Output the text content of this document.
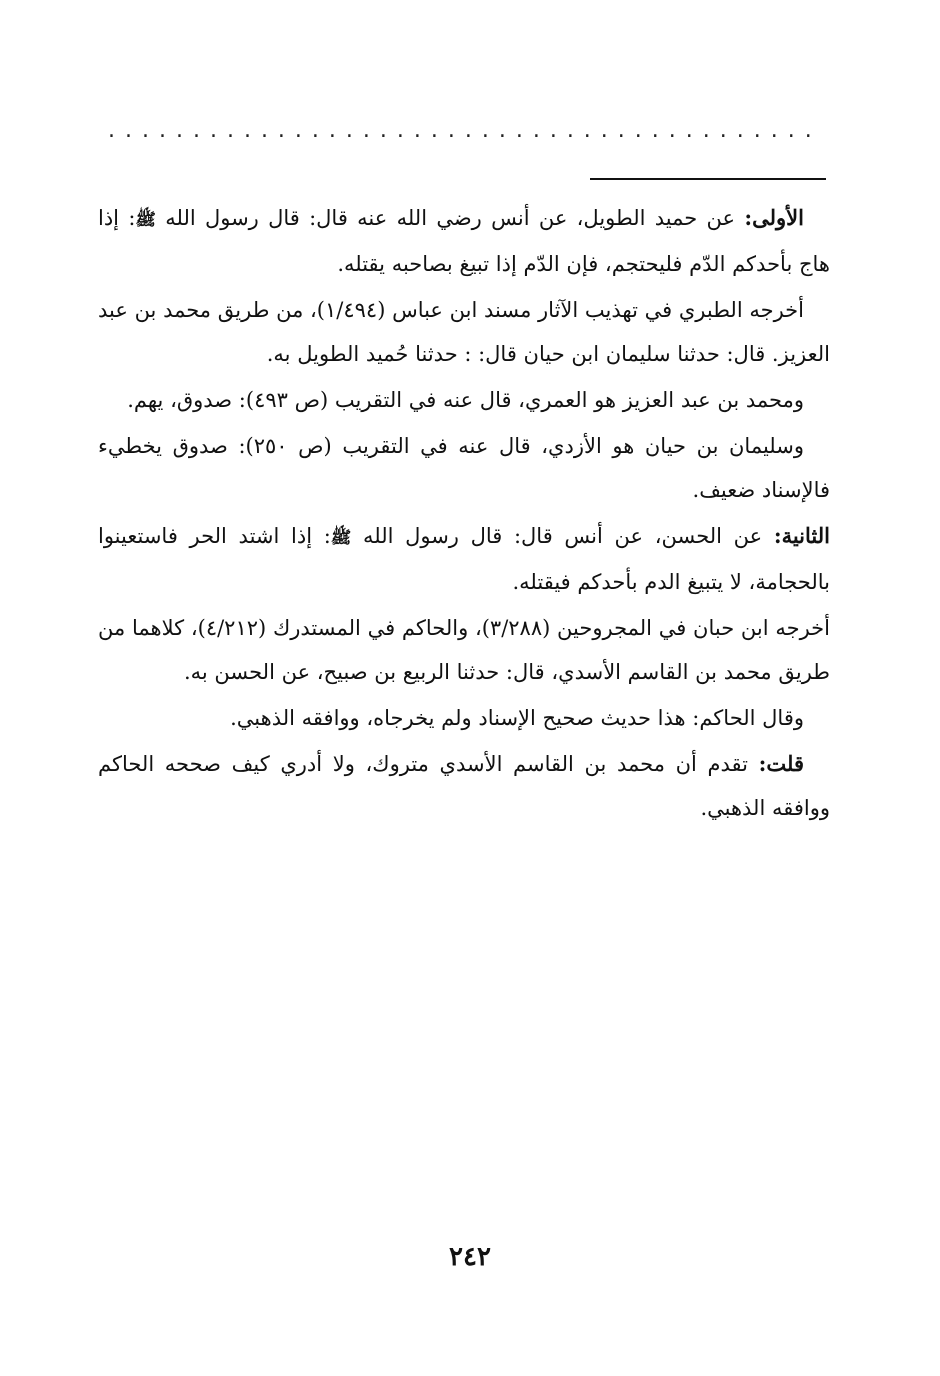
..........................................

الأولى: عن حميد الطويل، عن أنس رضي الله عنه قال: قال رسول الله ﷺ: إذا هاج بأحدكم الدّم فليحتجم، فإن الدّم إذا تبيغ بصاحبه يقتله.

أخرجه الطبري في تهذيب الآثار مسند ابن عباس (١/٤٩٤)، من طريق محمد بن عبد العزيز. قال: حدثنا سليمان ابن حيان قال: : حدثنا حُميد الطويل به.

ومحمد بن عبد العزيز هو العمري، قال عنه في التقريب (ص ٤٩٣): صدوق، يهم.

وسليمان بن حيان هو الأزدي، قال عنه في التقريب (ص ٢٥٠): صدوق يخطيء فالإسناد ضعيف.

الثانية: عن الحسن، عن أنس قال: قال رسول الله ﷺ: إذا اشتد الحر فاستعينوا بالحجامة، لا يتبيغ الدم بأحدكم فيقتله.

أخرجه ابن حبان في المجروحين (٣/٢٨٨)، والحاكم في المستدرك (٤/٢١٢)، كلاهما من طريق محمد بن القاسم الأسدي، قال: حدثنا الربيع بن صبيح، عن الحسن به.

وقال الحاكم: هذا حديث صحيح الإسناد ولم يخرجاه، ووافقه الذهبي.

قلت: تقدم أن محمد بن القاسم الأسدي متروك، ولا أدري كيف صححه الحاكم ووافقه الذهبي.

٢٤٢
